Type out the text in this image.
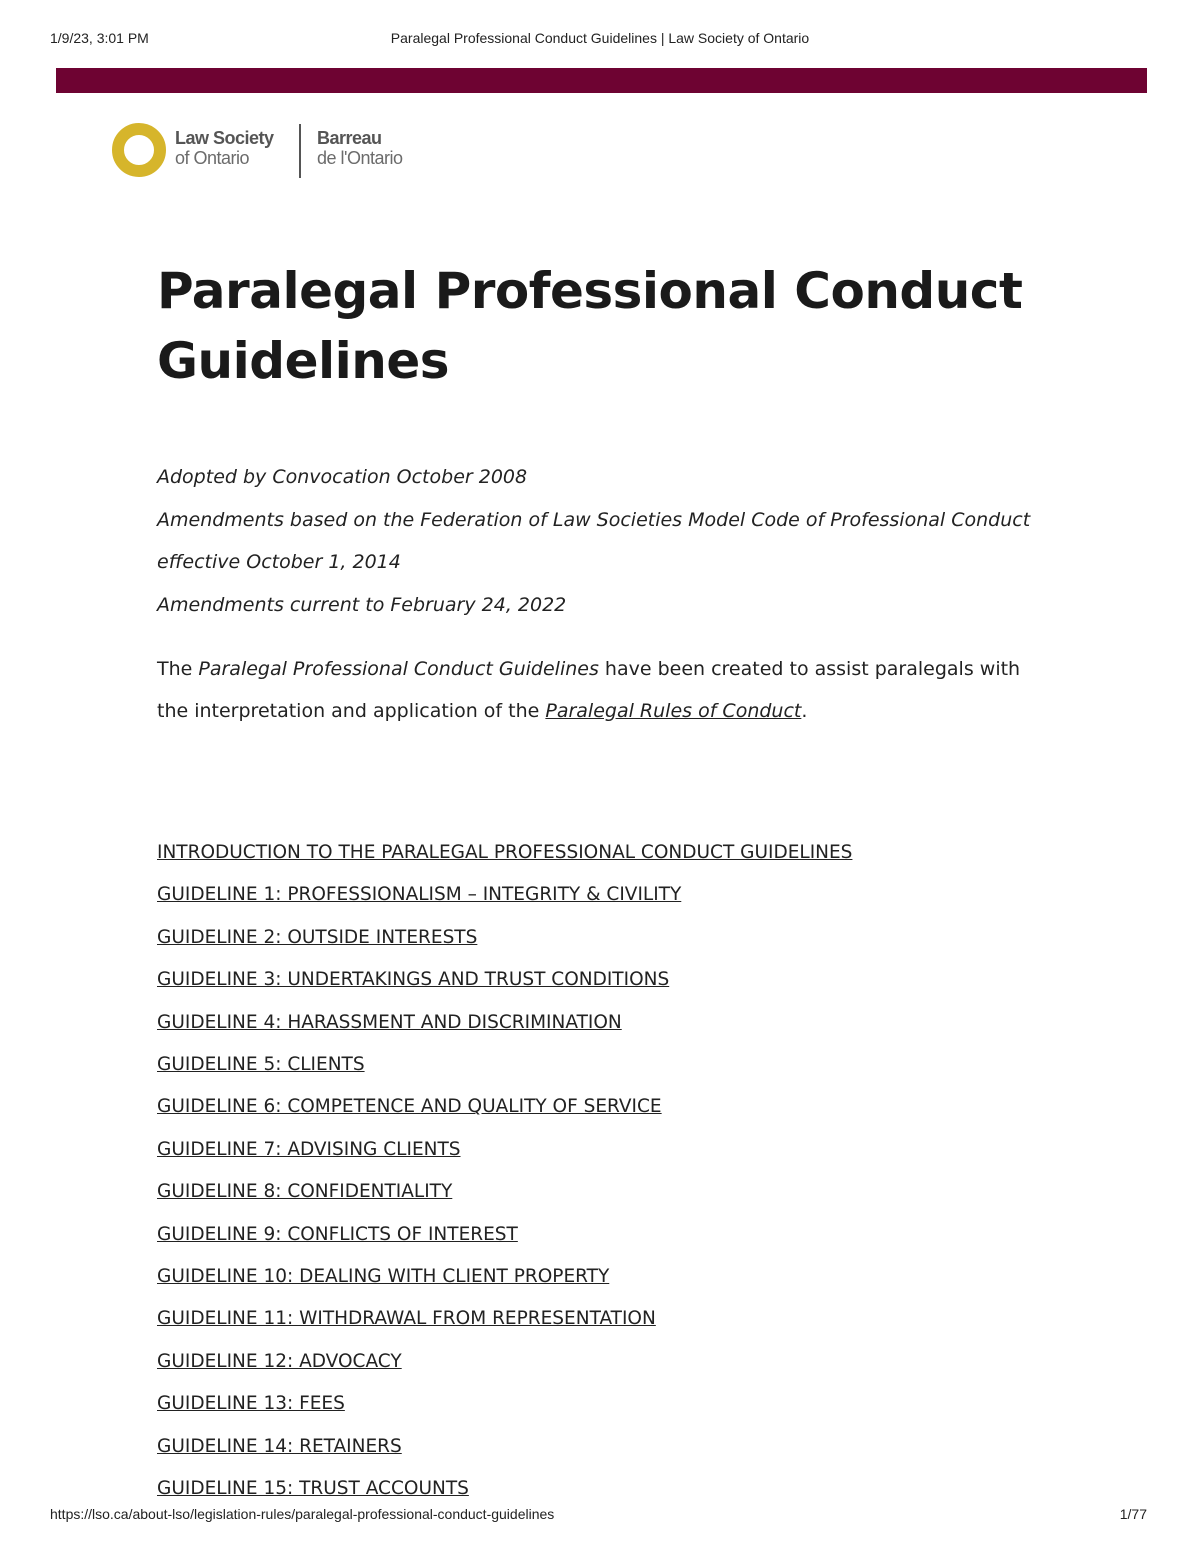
1/9/23, 3:01 PM	Paralegal Professional Conduct Guidelines | Law Society of Ontario
Law Society
of Ontario
Barreau
de l'Ontario
Paralegal Professional Conduct Guidelines

Adopted by Convocation October 2008

Amendments based on the Federation of Law Societies Model Code of Professional Conduct effective October 1, 2014

Amendments current to February 24, 2022

The Paralegal Professional Conduct Guidelines have been created to assist paralegals with the interpretation and application of the Paralegal Rules of Conduct.
INTRODUCTION TO THE PARALEGAL PROFESSIONAL CONDUCT GUIDELINES
GUIDELINE 1: PROFESSIONALISM – INTEGRITY & CIVILITY
GUIDELINE 2: OUTSIDE INTERESTS
GUIDELINE 3: UNDERTAKINGS AND TRUST CONDITIONS
GUIDELINE 4: HARASSMENT AND DISCRIMINATION
GUIDELINE 5: CLIENTS
GUIDELINE 6: COMPETENCE AND QUALITY OF SERVICE
GUIDELINE 7: ADVISING CLIENTS
GUIDELINE 8: CONFIDENTIALITY
GUIDELINE 9: CONFLICTS OF INTEREST
GUIDELINE 10: DEALING WITH CLIENT PROPERTY
GUIDELINE 11: WITHDRAWAL FROM REPRESENTATION
GUIDELINE 12: ADVOCACY
GUIDELINE 13: FEES
GUIDELINE 14: RETAINERS
GUIDELINE 15: TRUST ACCOUNTS
https://lso.ca/about-lso/legislation-rules/paralegal-professional-conduct-guidelines	1/77
